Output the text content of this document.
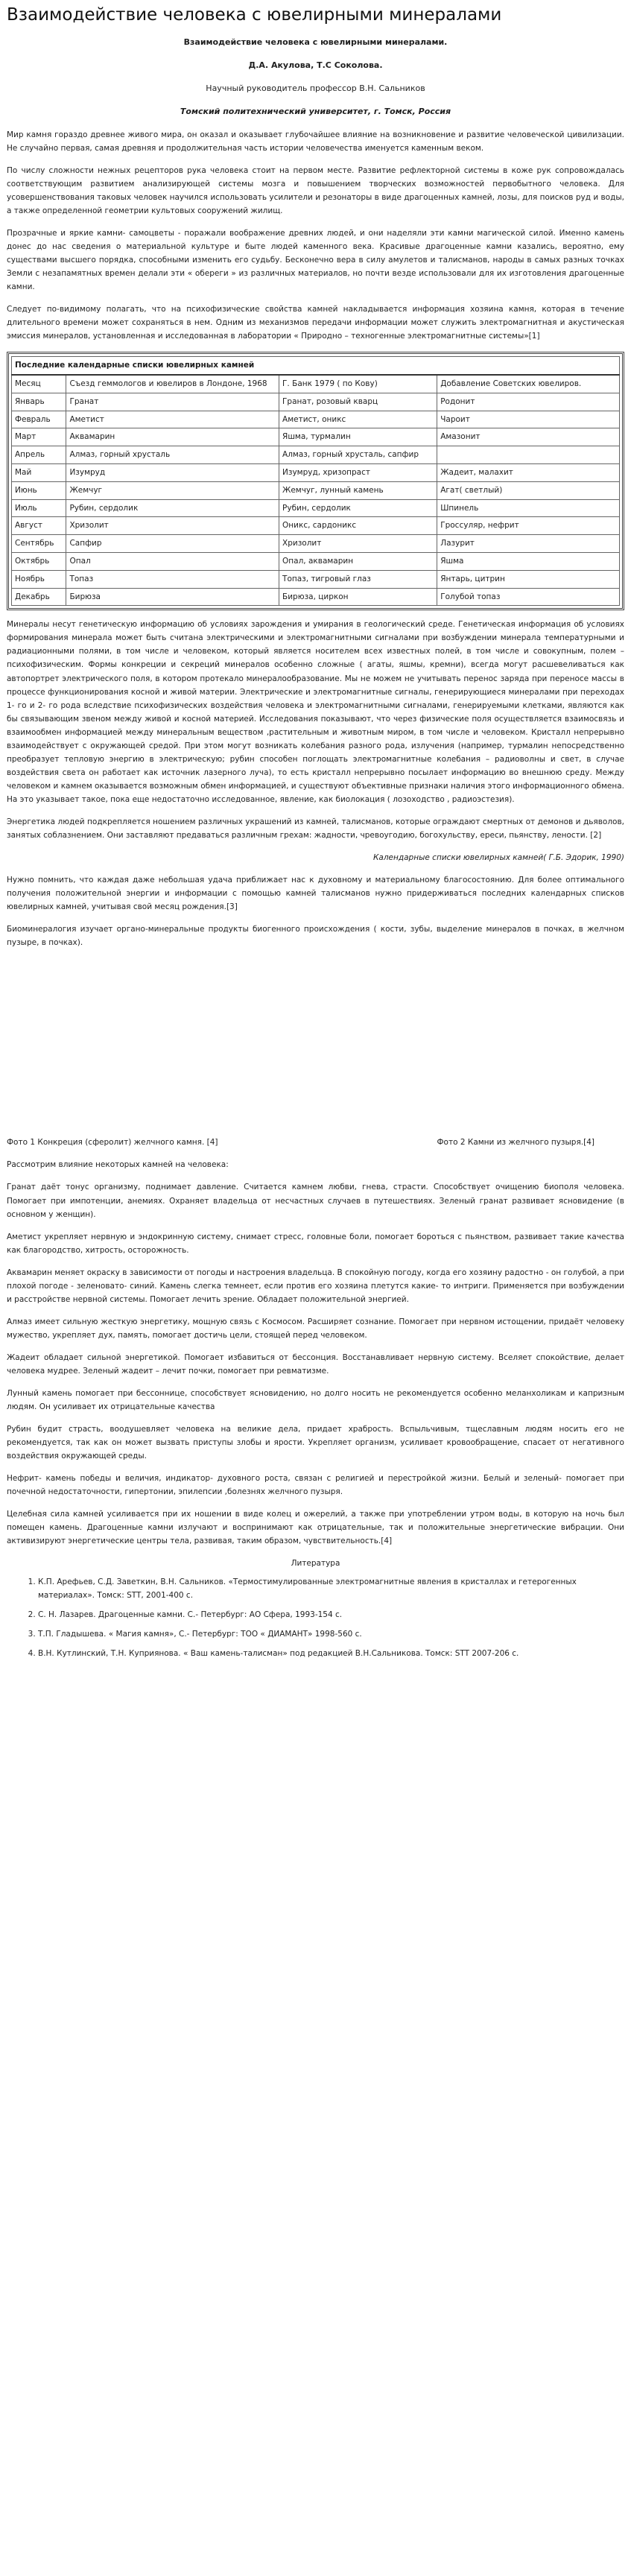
Взаимодействие человека с ювелирными минералами
Взаимодействие человека с ювелирными минералами.
Д.А. Акулова, Т.С Соколова.
Научный руководитель профессор В.Н. Сальников
Томский политехнический университет, г. Томск, Россия

Мир камня гораздо древнее живого мира, он оказал и оказывает глубочайшее влияние на возникновение и развитие человеческой цивилизации. Не случайно первая, самая древняя и продолжительная часть истории человечества именуется каменным веком.

По числу сложности нежных рецепторов рука человека стоит на первом месте. Развитие рефлекторной системы в кожe рук сопровождалась соответствующим развитием анализирующей системы мозга и повышением творческих возможностей первобытного человека. Для усовершенствования таковых человек научился использовать усилители и резонаторы в виде драгоценных камней, лозы, для поисков руд и воды, а также определенной геометрии культовых сооружений жилищ.

Прозрачные и яркие камни- самоцветы - поражали воображение древних людей, и они наделяли эти камни магической силой. Именно камень донес до нас сведения о материальной культуре и быте людей каменного века. Красивые драгоценные камни казались, вероятно, ему существами высшего порядка, способными изменить его судьбу. Бесконечно вера в силу амулетов и талисманов, народы в самых разных точках Земли с незапамятных времен делали эти « обереги » из различных материалов, но почти везде использовали для их изготовления драгоценные камни.

Следует по-видимому полагать, что на психофизические свойства камней накладывается информация хозяина камня, которая в течение длительного времени может сохраняться в нем. Одним из механизмов передачи информации может служить электромагнитная и акустическая эмиссия минералов, установленная и исследованная в лаборатории « Природно – техногенные электромагнитные системы»[1]

Последние календарные списки ювелирных камней			
Месяц	Съезд геммологов и ювелиров в Лондоне, 1968	Г. Банк 1979 ( по Кову)	Добавление Советских ювелиров.
Январь	Гранат	Гранат, розовый кварц	Родонит
Февраль	Аметист	Аметист, оникс	Чароит
Март	Аквамарин	Яшма, турмалин	Амазонит
Апрель	Алмаз, горный хрусталь	Алмаз, горный хрусталь, сапфир	
Май	Изумруд	Изумруд, хризопраст	Жадеит, малахит
Июнь	Жемчуг	Жемчуг, лунный камень	Агат( светлый)
Июль	Рубин, сердолик	Рубин, сердолик	Шпинель
Август	Хризолит	Оникс, сардоникс	Гроссуляр, нефрит
Сентябрь	Сапфир	Хризолит	Лазурит
Октябрь	Опал	Опал, аквамарин	Яшма
Ноябрь	Топаз	Топаз, тигровый глаз	Янтарь, цитрин
Декабрь	Бирюза	Бирюза, циркон	Голубой топаз

Минералы несут генетическую информацию об условиях зарождения и умирания в геологический среде. Генетическая информация об условиях формирования минерала может быть считана электрическими и электромагнитными сигналами при возбуждении минерала температурными и радиационными полями, в том числе и человеком, который является носителем всех известных полей, в том числе и совокупным, полем – психофизическим. Формы конкреции и секреций минералов особенно сложные ( агаты, яшмы, кремни), всегда могут расшевеливаться как автопортрет электрического поля, в котором протекало минералообразование. Мы не можем не учитывать перенос заряда при переносе массы в процессе функционирования косной и живой материи. Электрические и электромагнитные сигналы, генерирующиеся минералами при переходах 1- го и 2- го рода вследствие психофизических воздействия человека и электромагнитными сигналами, генерируемыми клетками, являются как бы связывающим звеном между живой и косной материей. Исследования показывают, что через физические поля осуществляется взаимосвязь и взаимообмен информацией между минеральным веществом ,растительным и животным миром, в том числе и человеком. Кристалл непрерывно взаимодействует с окружающей средой. При этом могут возникать колебания разного рода, излучения (например, турмалин непосредственно преобразует тепловую энергию в электрическую; рубин способен поглощать электромагнитные колебания – радиоволны и свет, в случае воздействия света он работает как источник лазерного луча), то есть кристалл непрерывно посылает информацию во внешнюю среду. Между человеком и камнем оказывается возможным обмен информацией, и существуют объективные признаки наличия этого информационного обмена. На это указывает такое, пока еще недостаточно исследованное, явление, как биолокация ( лозоходство , радиоэстезия).

Энергетика людей подкрепляется ношением различных украшений из камней, талисманов, которые ограждают смертных от демонов и дьяволов, занятых соблазнением. Они заставляют предаваться различным грехам: жадности, чревоугодию, богохульству, ереси, пьянству, лености. [2]

Календарные списки ювелирных камней( Г.Б. Эдорик, 1990)

Нужно помнить, что каждая даже небольшая удача приближает нас к духовному и материальному благосостоянию. Для более оптимального получения положительной энергии и информации с помощью камней талисманов нужно придерживаться последних календарных списков ювелирных камней, учитывая свой месяц рождения.[3]

Биоминералогия изучает органо-минеральные продукты биогенного происхождения ( кости, зубы, выделение минералов в почках, в желчном пузыре, в почках).

Фото 1 Конкреция (сферолит) желчного камня. [4]	Фото 2 Камни из желчного пузыря.[4]

Рассмотрим влияние некоторых камней на человека:

Гранат даёт тонус организму, поднимает давление. Считается камнем любви, гнева, страсти. Способствует очищению биополя человека. Помогает при импотенции, анемиях. Охраняет владельца от несчастных случаев в путешествиях. Зеленый гранат развивает ясновидение (в основном у женщин).

Аметист укрепляет нервную и эндокринную систему, снимает стресс, головные боли, помогает бороться с пьянством, развивает такие качества как благородство, хитрость, осторожность.

Аквамарин меняет окраску в зависимости от погоды и настроения владельца. В спокойную погоду, когда его хозяину радостно - он голубой, а при плохой погоде - зеленовато- синий. Камень слегка темнеет, если против его хозяина плетутся какие- то интриги. Применяется при возбуждении и расстройстве нервной системы. Помогает лечить зрение. Обладает положительной энергией.

Алмаз имеет сильную жесткую энергетику, мощную связь с Космосом. Расширяет сознание. Помогает при нервном истощении, придаёт человеку мужество, укрепляет дух, память, помогает достичь цели, стоящей перед человеком.

Жадеит обладает сильной энергетикой. Помогает избавиться от бессонция. Восстанавливает нервную систему. Вселяет спокойствие, делает человека мудрее. Зеленый жадеит – лечит почки, помогает при ревматизме.

Лунный камень помогает при бессоннице, способствует ясновидению, но долго носить не рекомендуется особенно меланхоликам и капризным людям. Он усиливает их отрицательные качества

Рубин будит страсть, воодушевляет человека на великие дела, придает храбрость. Вспыльчивым, тщеславным людям носить его не рекомендуется, так как он может вызвать приступы злобы и ярости. Укрепляет организм, усиливает кровообращение, спасает от негативного воздействия окружающей среды.

Нефрит- камень победы и величия, индикатор- духовного роста, связан с религией и перестройкой жизни. Белый и зеленый- помогает при почечной недостаточности, гипертонии, эпилепсии ,болезнях желчного пузыря.

Целебная сила камней усиливается при их ношении в виде колец и ожерелий, а также при употреблении утром воды, в которую на ночь был помещен камень. Драгоценные камни излучают и воспринимают как отрицательные, так и положительные энергетические вибрации. Они активизируют энергетические центры тела, развивая, таким образом, чувствительность.[4]

Литература
1. К.П. Арефьев, С.Д. Заветкин, В.Н. Сальников. «Термостимулированные электромагнитные явления в кристаллах и гетерогенных материалах». Томск: STT, 2001-400 с.
2. С. Н. Лазарев. Драгоценные камни. С.- Петербург: АО Сфера, 1993-154 с.
3. Т.П. Гладышева. « Магия камня», С.- Петербург: ТОО « ДИАМАНТ» 1998-560 с.
4. В.Н. Кутлинский, Т.Н. Куприянова. « Ваш камень-талисман» под редакцией В.Н.Сальникова. Томск: STT 2007-206 с.
